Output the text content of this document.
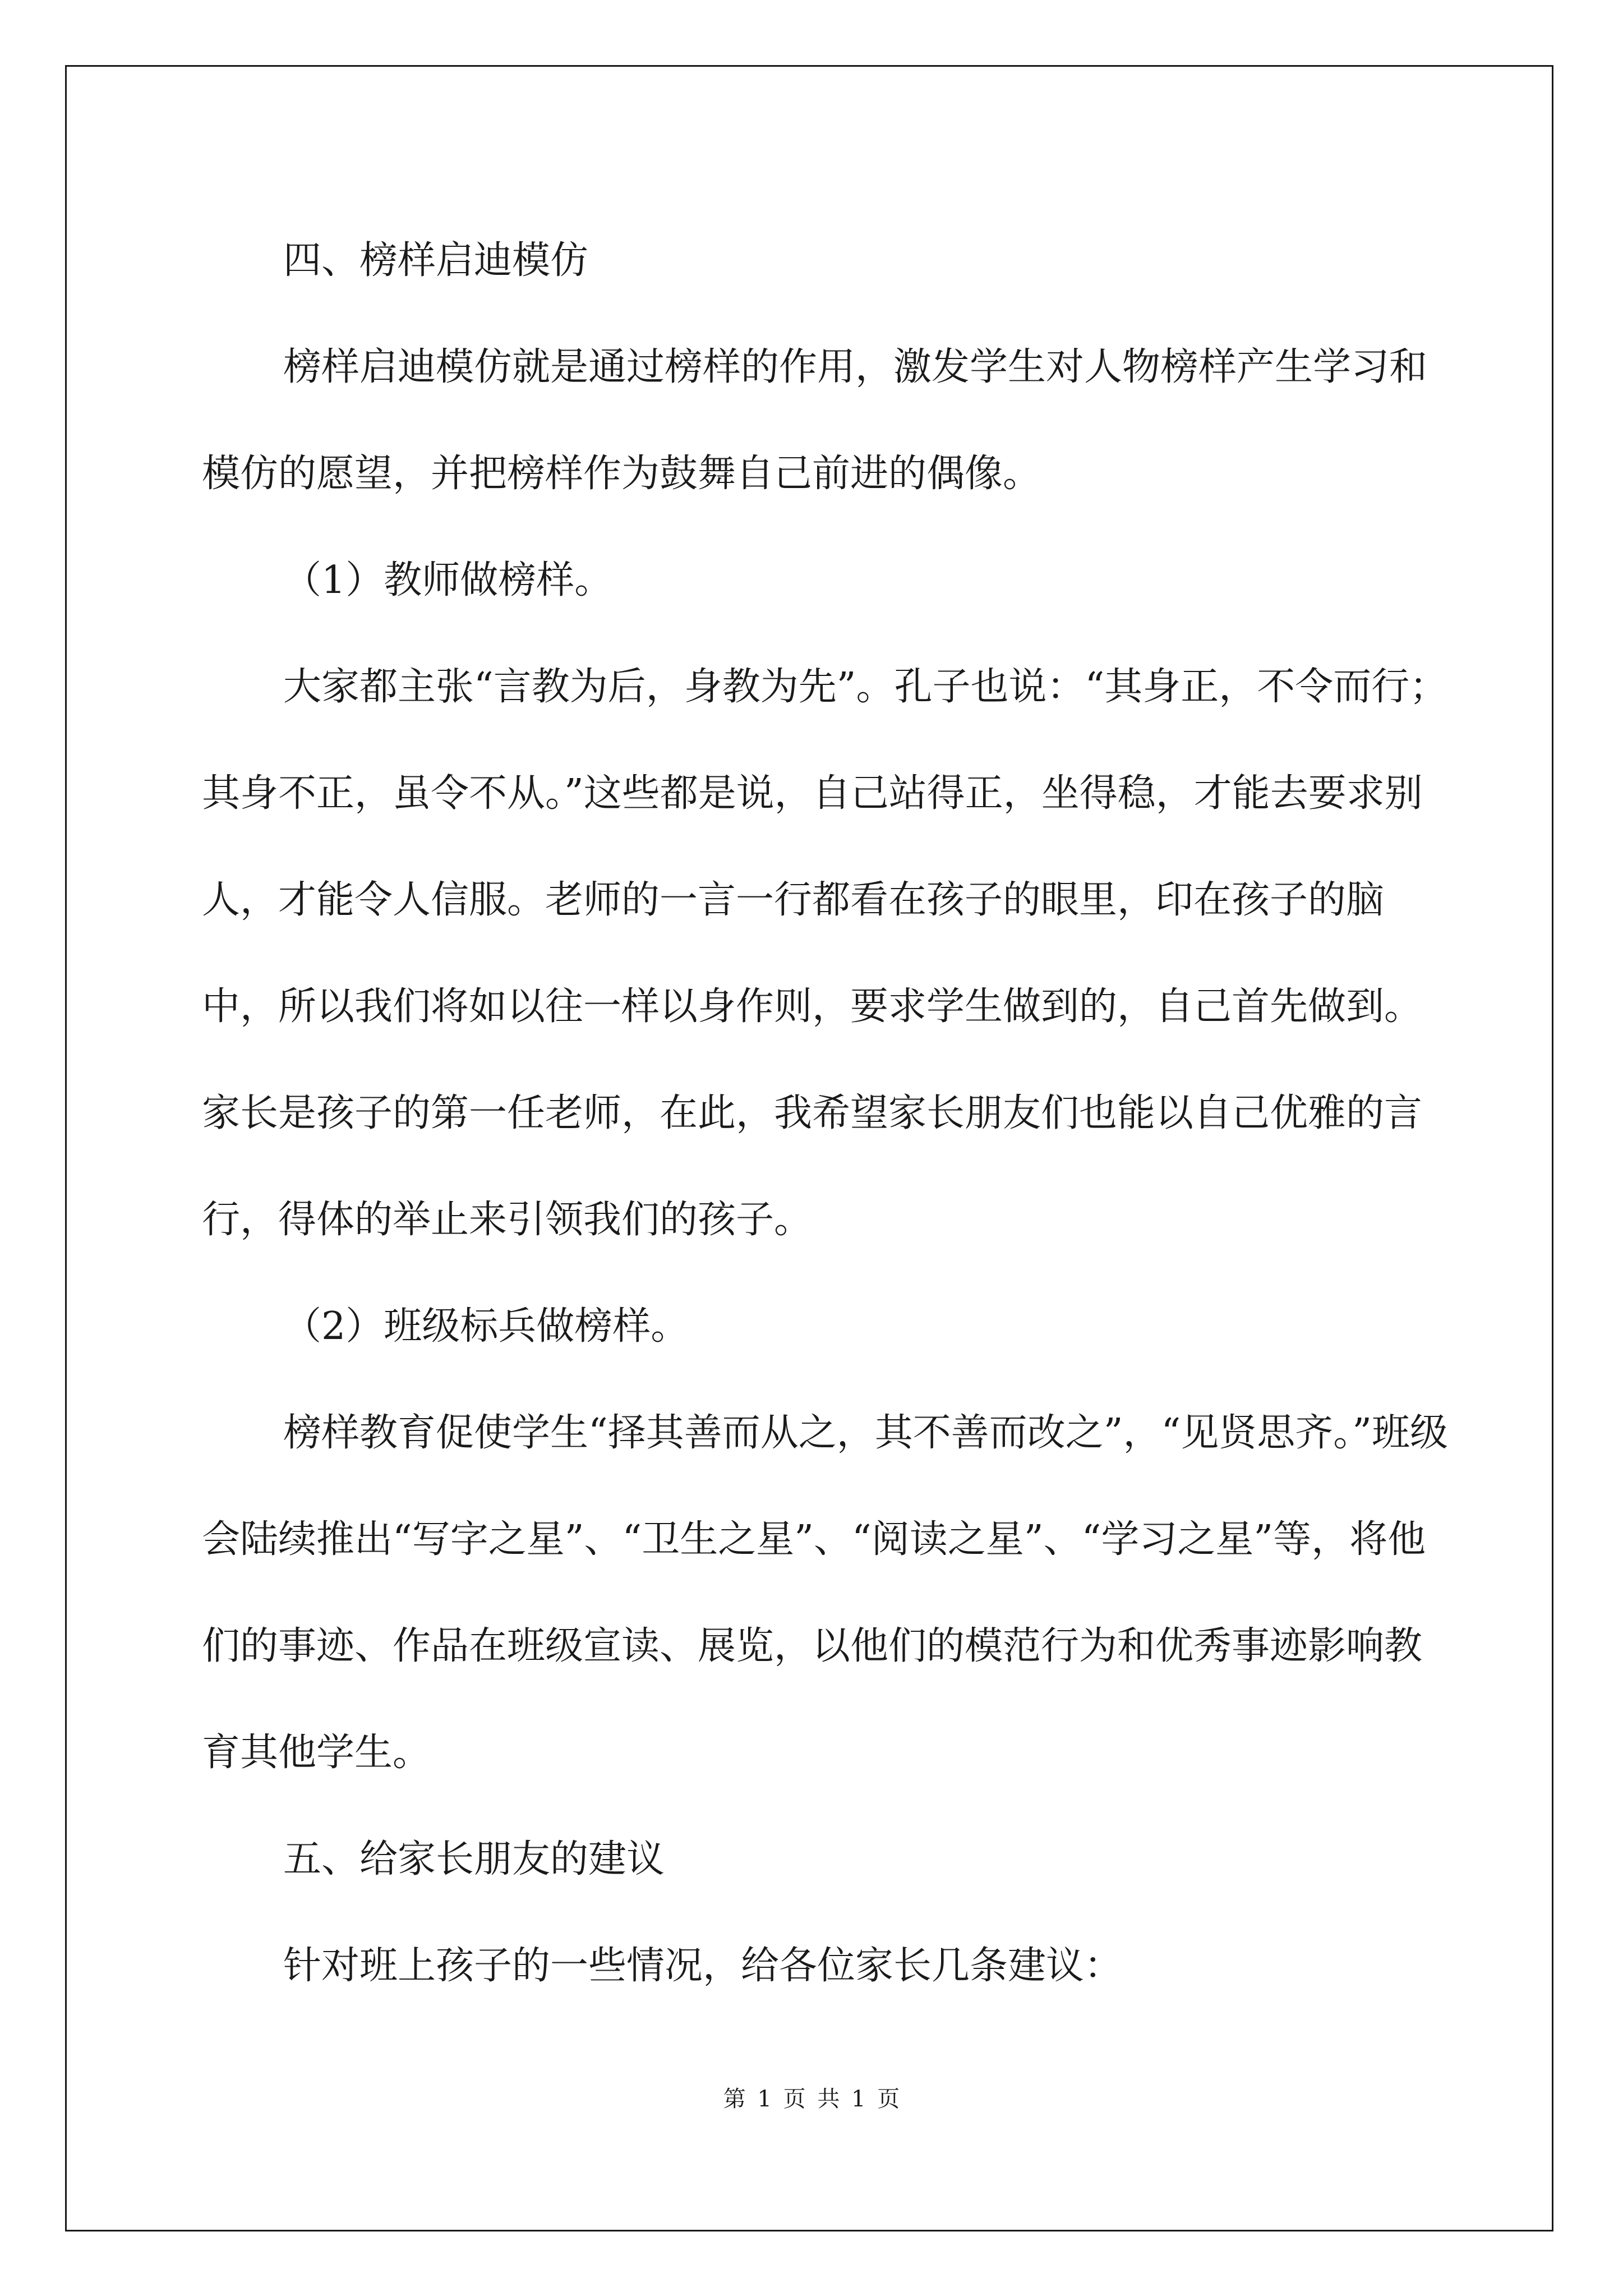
四、榜样启迪模仿

榜样启迪模仿就是通过榜样的作用，激发学生对人物榜样产生学习和模仿的愿望，并把榜样作为鼓舞自己前进的偶像。

（1）教师做榜样。

大家都主张“言教为后，身教为先”。孔子也说：“其身正，不令而行；其身不正，虽令不从。”这些都是说，自己站得正，坐得稳，才能去要求别人，才能令人信服。老师的一言一行都看在孩子的眼里，印在孩子的脑中，所以我们将如以往一样以身作则，要求学生做到的，自己首先做到。家长是孩子的第一任老师，在此，我希望家长朋友们也能以自己优雅的言行，得体的举止来引领我们的孩子。

（2）班级标兵做榜样。

榜样教育促使学生“择其善而从之，其不善而改之”，“见贤思齐。”班级会陆续推出“写字之星”、“卫生之星”、“阅读之星”、“学习之星”等，将他们的事迹、作品在班级宣读、展览，以他们的模范行为和优秀事迹影响教育其他学生。

五、给家长朋友的建议

针对班上孩子的一些情况，给各位家长几条建议：

第 1 页 共 1 页
